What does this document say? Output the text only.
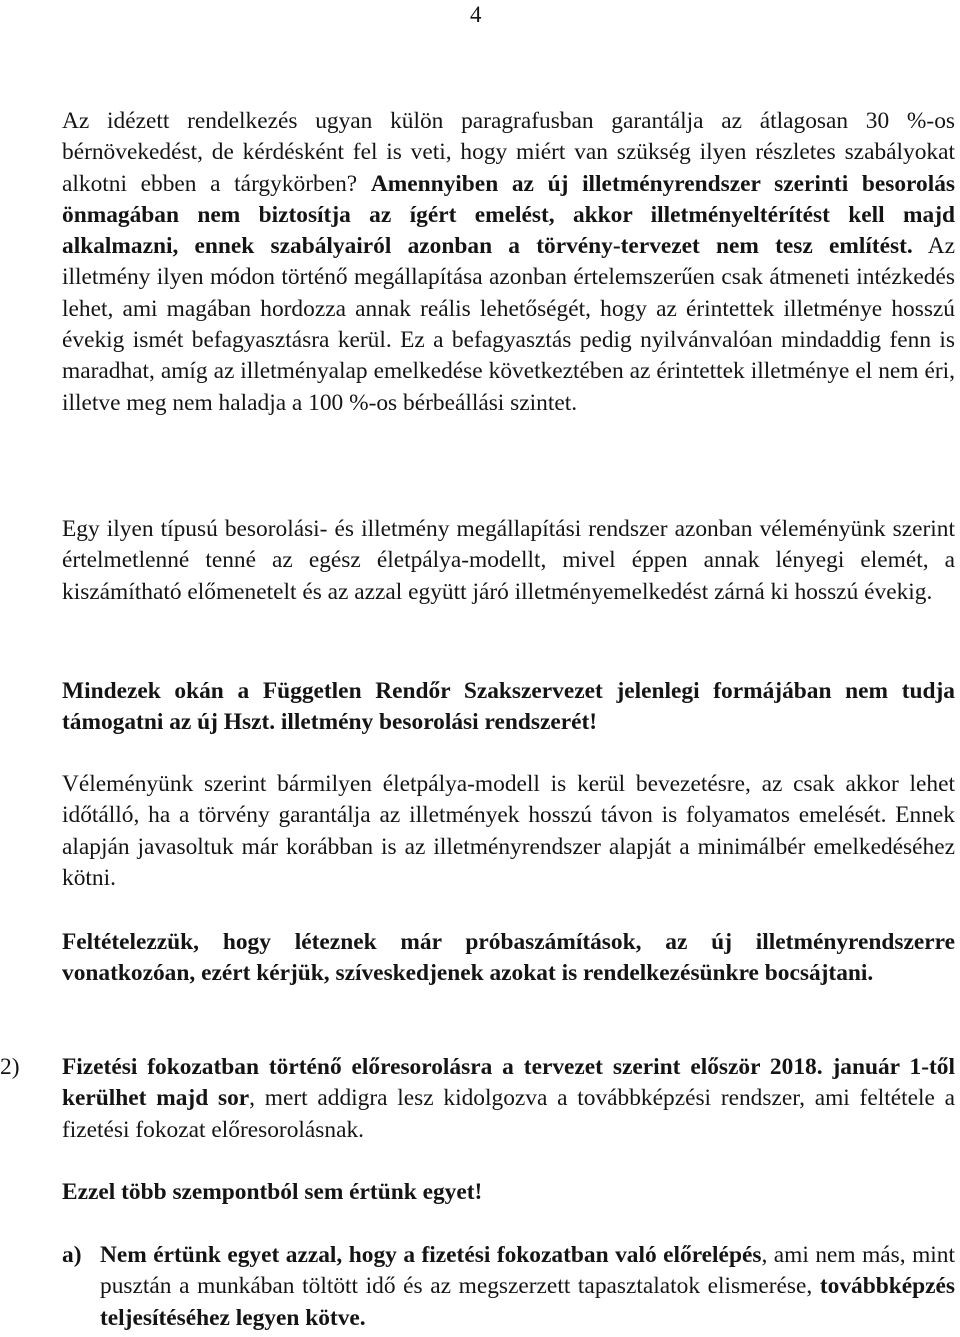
4

Az idézett rendelkezés ugyan külön paragrafusban garantálja az átlagosan 30 %-os bérnövekedést, de kérdésként fel is veti, hogy miért van szükség ilyen részletes szabályokat alkotni ebben a tárgykörben? Amennyiben az új illetményrendszer szerinti besorolás önmagában nem biztosítja az ígért emelést, akkor illetményeltérítést kell majd alkalmazni, ennek szabályairól azonban a törvény-tervezet nem tesz említést. Az illetmény ilyen módon történő megállapítása azonban értelemszerűen csak átmeneti intézkedés lehet, ami magában hordozza annak reális lehetőségét, hogy az érintettek illetménye hosszú évekig ismét befagyasztásra kerül. Ez a befagyasztás pedig nyilvánvalóan mindaddig fenn is maradhat, amíg az illetményalap emelkedése következtében az érintettek illetménye el nem éri, illetve meg nem haladja a 100 %-os bérbeállási szintet.

Egy ilyen típusú besorolási- és illetmény megállapítási rendszer azonban véleményünk szerint értelmetlenné tenné az egész életpálya-modellt, mivel éppen annak lényegi elemét, a kiszámítható előmenetelt és az azzal együtt járó illetményemelkedést zárná ki hosszú évekig.

Mindezek okán a Független Rendőr Szakszervezet jelenlegi formájában nem tudja támogatni az új Hszt. illetmény besorolási rendszerét!

Véleményünk szerint bármilyen életpálya-modell is kerül bevezetésre, az csak akkor lehet időtálló, ha a törvény garantálja az illetmények hosszú távon is folyamatos emelését. Ennek alapján javasoltuk már korábban is az illetményrendszer alapját a minimálbér emelkedéséhez kötni.

Feltételezzük, hogy léteznek már próbaszámítások, az új illetményrendszerre vonatkozóan, ezért kérjük, szíveskedjenek azokat is rendelkezésünkre bocsájtani.

2) Fizetési fokozatban történő előresorolásra a tervezet szerint először 2018. január 1-től kerülhet majd sor, mert addigra lesz kidolgozva a továbbképzési rendszer, ami feltétele a fizetési fokozat előresorolásnak.

Ezzel több szempontból sem értünk egyet!

a) Nem értünk egyet azzal, hogy a fizetési fokozatban való előrelépés, ami nem más, mint pusztán a munkában töltött idő és az megszerzett tapasztalatok elismerése, továbbképzés teljesítéséhez legyen kötve.
